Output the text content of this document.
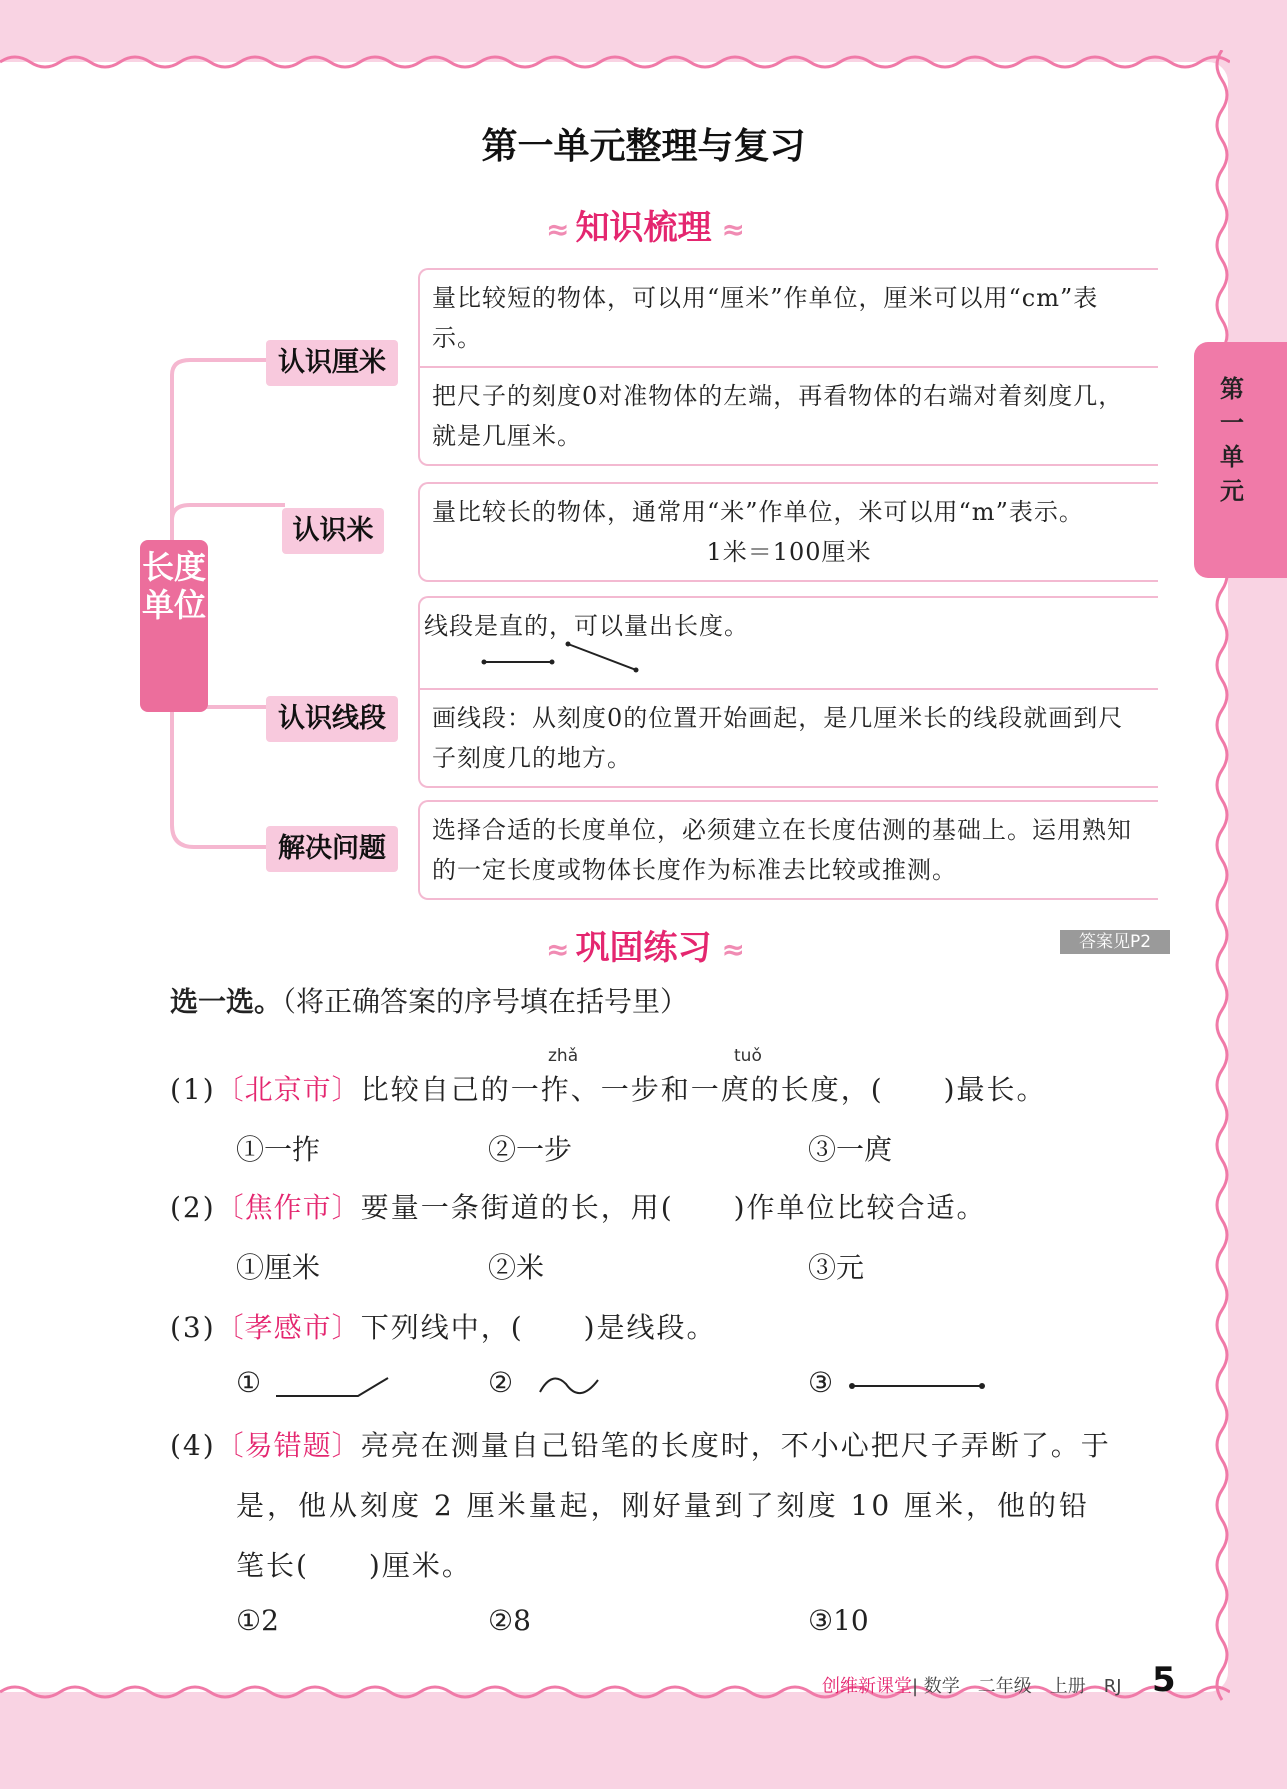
第一单元
第一单元整理与复习
≈ 知识梳理 ≈
长度单位
认识厘米
认识米
认识线段
解决问题
量比较短的物体，可以用“厘米”作单位，厘米可以用“cm”表示。
把尺子的刻度0对准物体的左端，再看物体的右端对着刻度几，就是几厘米。
量比较长的物体，通常用“米”作单位，米可以用“m”表示。
1米＝100厘米
线段是直的，可以量出长度。
画线段：从刻度0的位置开始画起，是几厘米长的线段就画到尺子刻度几的地方。
选择合适的长度单位，必须建立在长度估测的基础上。运用熟知的一定长度或物体长度作为标准去比较或推测。
≈ 巩固练习 ≈	答案见P2
选一选。（将正确答案的序号填在括号里）
zhǎ	tuǒ
(1)〔北京市〕比较自己的一拃、一步和一庹的长度，(　　)最长。
①一拃	②一步	③一庹
(2)〔焦作市〕要量一条街道的长，用(　　)作单位比较合适。
①厘米	②米	③元
(3)〔孝感市〕下列线中，(　　)是线段。
①	②	③
(4)〔易错题〕亮亮在测量自己铅笔的长度时，不小心把尺子弄断了。于
是，他从刻度 2 厘米量起，刚好量到了刻度 10 厘米，他的铅
笔长(　　)厘米。
①2	②8	③10
创维新课堂| 数学　二年级　上册　RJ 5
